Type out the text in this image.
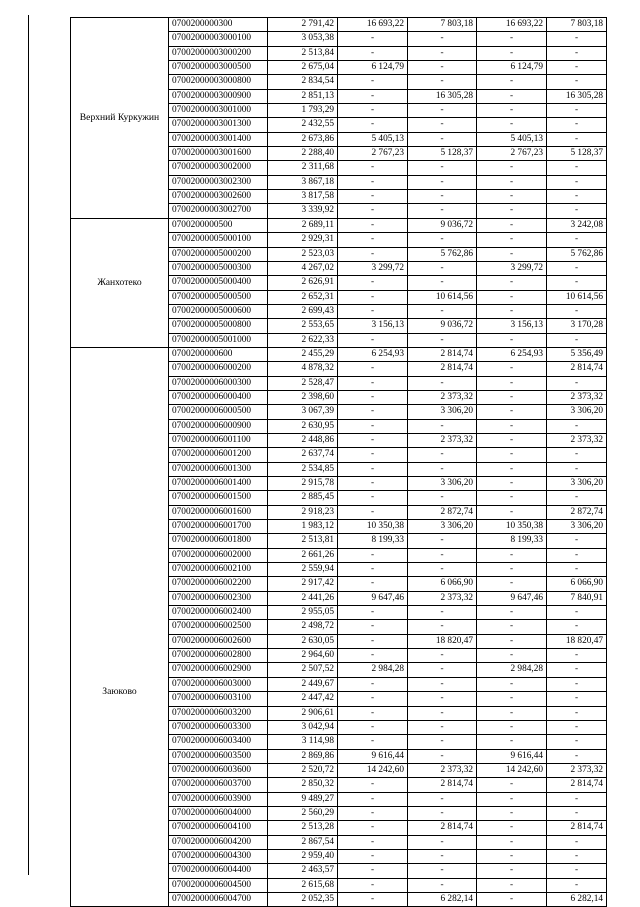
Верхний Куркужин	0700200000300	2 791,42	16 693,22	7 803,18	16 693,22	7 803,18
	07002000003000100	3 053,38	-	-	-	-
	07002000003000200	2 513,84	-	-	-	-
	07002000003000500	2 675,04	6 124,79	-	6 124,79	-
	07002000003000800	2 834,54	-	-	-	-
	07002000003000900	2 851,13	-	16 305,28	-	16 305,28
	07002000003001000	1 793,29	-	-	-	-
	07002000003001300	2 432,55	-	-	-	-
	07002000003001400	2 673,86	5 405,13	-	5 405,13	-
	07002000003001600	2 288,40	2 767,23	5 128,37	2 767,23	5 128,37
	07002000003002000	2 311,68	-	-	-	-
	07002000003002300	3 867,18	-	-	-	-
	07002000003002600	3 817,58	-	-	-	-
	07002000003002700	3 339,92	-	-	-	-
Жанхотеко	0700200000500	2 689,11	-	9 036,72	-	3 242,08
	07002000005000100	2 929,31	-	-	-	-
	07002000005000200	2 523,03	-	5 762,86	-	5 762,86
	07002000005000300	4 267,02	3 299,72	-	3 299,72	-
	07002000005000400	2 626,91	-	-	-	-
	07002000005000500	2 652,31	-	10 614,56	-	10 614,56
	07002000005000600	2 699,43	-	-	-	-
	07002000005000800	2 553,65	3 156,13	9 036,72	3 156,13	3 170,28
	07002000005001000	2 622,33	-	-	-	-
Заюково	0700200000600	2 455,29	6 254,93	2 814,74	6 254,93	5 356,49
	07002000006000200	4 878,32	-	2 814,74	-	2 814,74
	07002000006000300	2 528,47	-	-	-	-
	07002000006000400	2 398,60	-	2 373,32	-	2 373,32
	07002000006000500	3 067,39	-	3 306,20	-	3 306,20
	07002000006000900	2 630,95	-	-	-	-
	07002000006001100	2 448,86	-	2 373,32	-	2 373,32
	07002000006001200	2 637,74	-	-	-	-
	07002000006001300	2 534,85	-	-	-	-
	07002000006001400	2 915,78	-	3 306,20	-	3 306,20
	07002000006001500	2 885,45	-	-	-	-
	07002000006001600	2 918,23	-	2 872,74	-	2 872,74
	07002000006001700	1 983,12	10 350,38	3 306,20	10 350,38	3 306,20
	07002000006001800	2 513,81	8 199,33	-	8 199,33	-
	07002000006002000	2 661,26	-	-	-	-
	07002000006002100	2 559,94	-	-	-	-
	07002000006002200	2 917,42	-	6 066,90	-	6 066,90
	07002000006002300	2 441,26	9 647,46	2 373,32	9 647,46	7 840,91
	07002000006002400	2 955,05	-	-	-	-
	07002000006002500	2 498,72	-	-	-	-
	07002000006002600	2 630,05	-	18 820,47	-	18 820,47
	07002000006002800	2 964,60	-	-	-	-
	07002000006002900	2 507,52	2 984,28	-	2 984,28	-
	07002000006003000	2 449,67	-	-	-	-
	07002000006003100	2 447,42	-	-	-	-
	07002000006003200	2 906,61	-	-	-	-
	07002000006003300	3 042,94	-	-	-	-
	07002000006003400	3 114,98	-	-	-	-
	07002000006003500	2 869,86	9 616,44	-	9 616,44	-
	07002000006003600	2 520,72	14 242,60	2 373,32	14 242,60	2 373,32
	07002000006003700	2 850,32	-	2 814,74	-	2 814,74
	07002000006003900	9 489,27	-	-	-	-
	07002000006004000	2 560,29	-	-	-	-
	07002000006004100	2 513,28	-	2 814,74	-	2 814,74
	07002000006004200	2 867,54	-	-	-	-
	07002000006004300	2 959,40	-	-	-	-
	07002000006004400	2 463,57	-	-	-	-
	07002000006004500	2 615,68	-	-	-	-
	07002000006004700	2 052,35	-	6 282,14	-	6 282,14
